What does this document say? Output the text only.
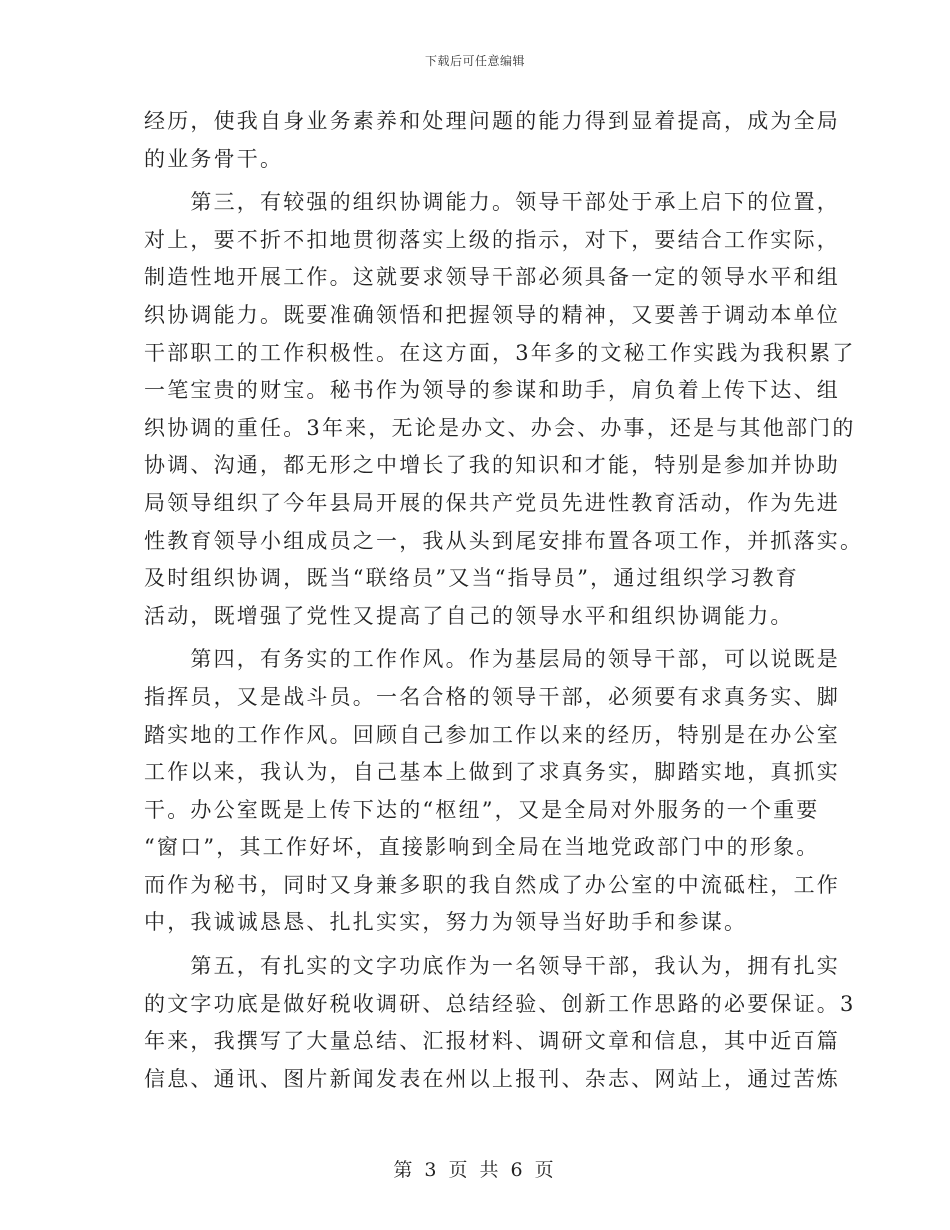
下载后可任意编辑
经历，使我自身业务素养和处理问题的能力得到显着提高，成为全局
的业务骨干。
　　第三，有较强的组织协调能力。领导干部处于承上启下的位置，
对上，要不折不扣地贯彻落实上级的指示，对下，要结合工作实际，
制造性地开展工作。这就要求领导干部必须具备一定的领导水平和组
织协调能力。既要准确领悟和把握领导的精神，又要善于调动本单位
干部职工的工作积极性。在这方面，3年多的文秘工作实践为我积累了
一笔宝贵的财宝。秘书作为领导的参谋和助手，肩负着上传下达、组
织协调的重任。3年来，无论是办文、办会、办事，还是与其他部门的
协调、沟通，都无形之中增长了我的知识和才能，特别是参加并协助
局领导组织了今年县局开展的保共产党员先进性教育活动，作为先进
性教育领导小组成员之一，我从头到尾安排布置各项工作，并抓落实。
及时组织协调，既当“联络员”又当“指导员”，通过组织学习教育
活动，既增强了党性又提高了自己的领导水平和组织协调能力。
　　第四，有务实的工作作风。作为基层局的领导干部，可以说既是
指挥员，又是战斗员。一名合格的领导干部，必须要有求真务实、脚
踏实地的工作作风。回顾自己参加工作以来的经历，特别是在办公室
工作以来，我认为，自己基本上做到了求真务实，脚踏实地，真抓实
干。办公室既是上传下达的“枢纽”，又是全局对外服务的一个重要
“窗口”，其工作好坏，直接影响到全局在当地党政部门中的形象。
而作为秘书，同时又身兼多职的我自然成了办公室的中流砥柱，工作
中，我诚诚恳恳、扎扎实实，努力为领导当好助手和参谋。
　　第五，有扎实的文字功底作为一名领导干部，我认为，拥有扎实
的文字功底是做好税收调研、总结经验、创新工作思路的必要保证。3
年来，我撰写了大量总结、汇报材料、调研文章和信息，其中近百篇
信息、通讯、图片新闻发表在州以上报刊、杂志、网站上，通过苦炼
第 3 页 共 6 页
